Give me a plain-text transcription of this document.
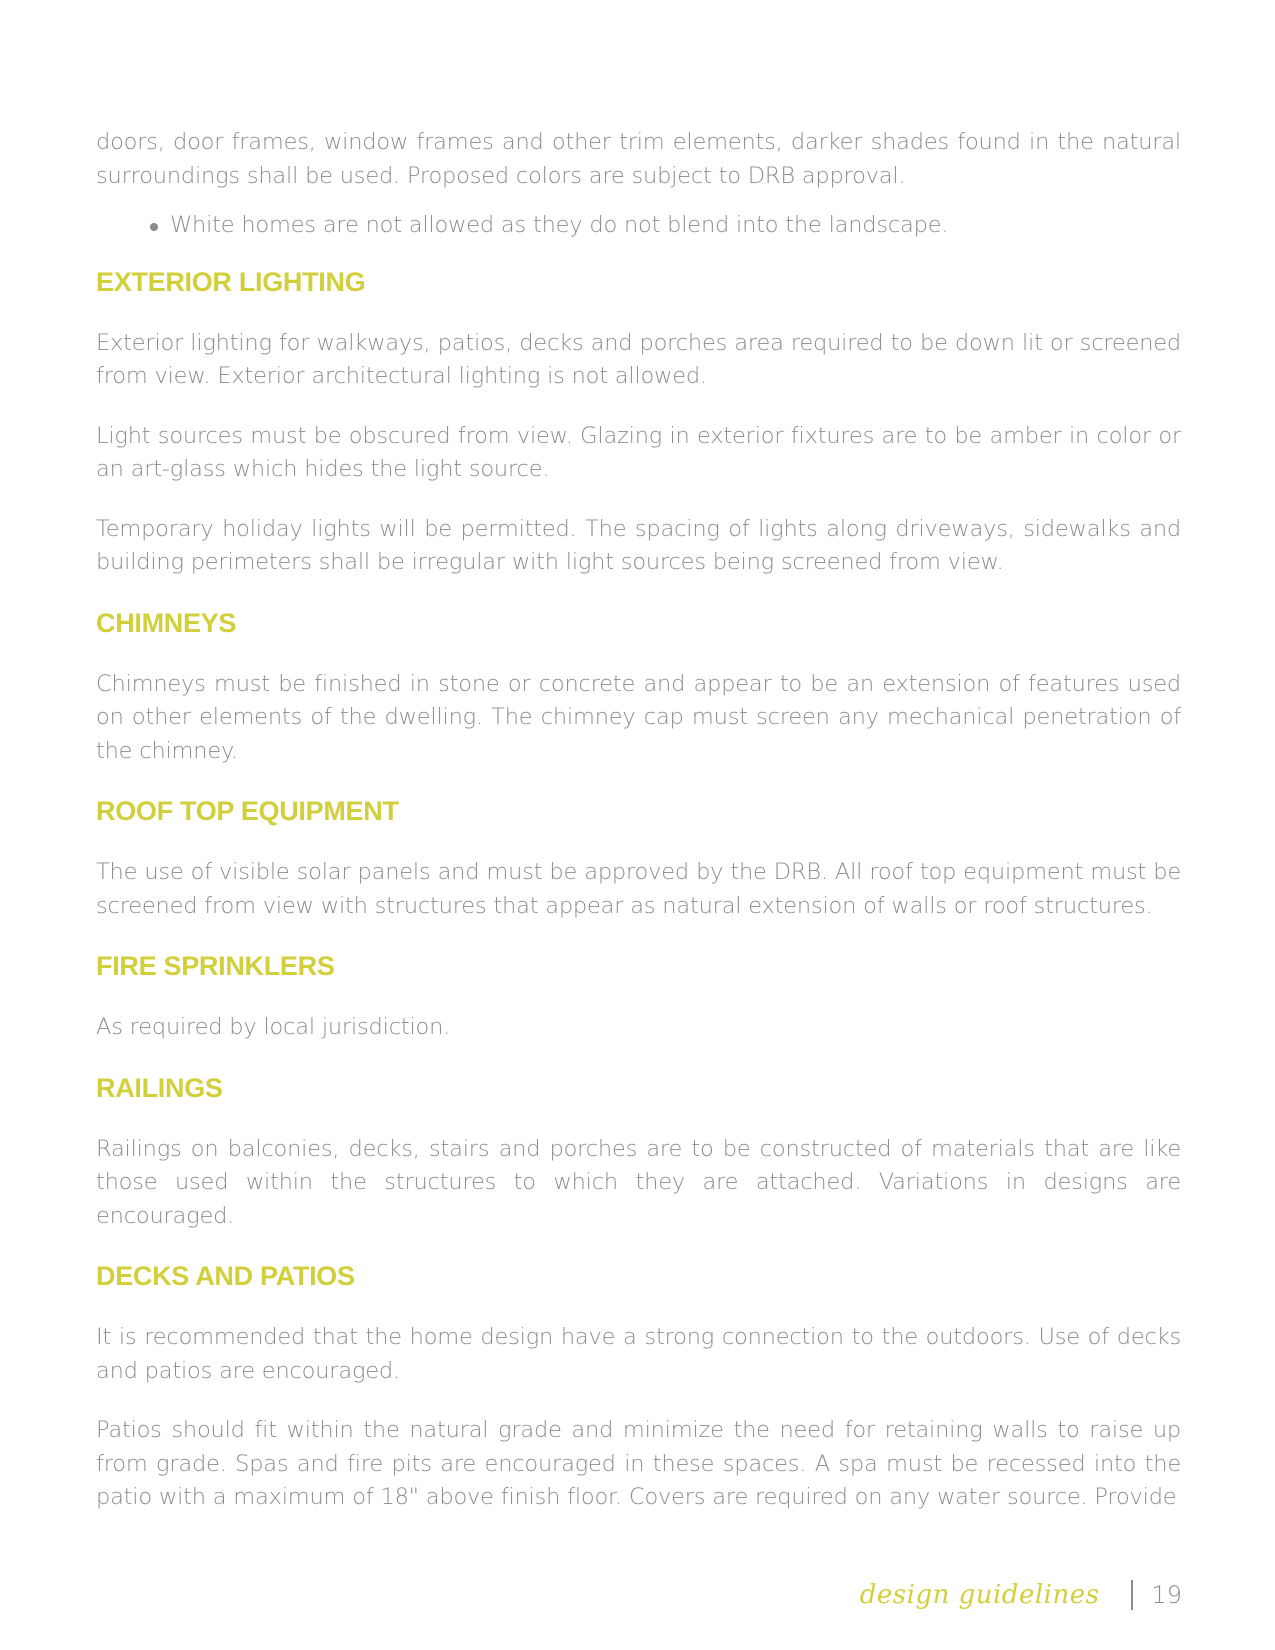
doors, door frames, window frames and other trim elements, darker shades found in the natural surroundings shall be used. Proposed colors are subject to DRB approval.

White homes are not allowed as they do not blend into the landscape.
EXTERIOR LIGHTING

Exterior lighting for walkways, patios, decks and porches area required to be down lit or screened from view. Exterior architectural lighting is not allowed.

Light sources must be obscured from view. Glazing in exterior fixtures are to be amber in color or an art-glass which hides the light source.

Temporary holiday lights will be permitted. The spacing of lights along driveways, sidewalks and building perimeters shall be irregular with light sources being screened from view.

CHIMNEYS

Chimneys must be finished in stone or concrete and appear to be an extension of features used on other elements of the dwelling. The chimney cap must screen any mechanical penetration of the chimney.

ROOF TOP EQUIPMENT

The use of visible solar panels and must be approved by the DRB. All roof top equipment must be screened from view with structures that appear as natural extension of walls or roof structures.

FIRE SPRINKLERS

As required by local jurisdiction.

RAILINGS

Railings on balconies, decks, stairs and porches are to be constructed of materials that are like those used within the structures to which they are attached. Variations in designs are encouraged.

DECKS AND PATIOS

It is recommended that the home design have a strong connection to the outdoors. Use of decks and patios are encouraged.

Patios should fit within the natural grade and minimize the need for retaining walls to raise up from grade. Spas and fire pits are encouraged in these spaces. A spa must be recessed into the patio with a maximum of 18" above finish floor. Covers are required on any water source. Provide

design guidelines 19
